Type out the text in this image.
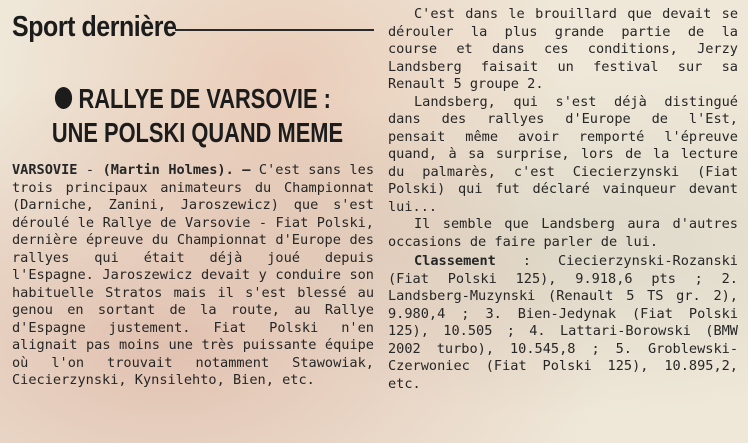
Sport dernière
RALLYE DE VARSOVIE :
UNE POLSKI QUAND MEME

VARSOVIE - (Martin Holmes). — C'est sans les trois principaux animateurs du Championnat (Darniche, Zanini, Jaroszewicz) que s'est déroulé le Rallye de Varsovie - Fiat Polski, dernière épreuve du Championnat d'Europe des rallyes qui était déjà joué depuis l'Espagne. Jaroszewicz devait y conduire son habituelle Stratos mais il s'est blessé au genou en sortant de la route, au Rallye d'Espagne justement. Fiat Polski n'en alignait pas moins une très puissante équipe où l'on trouvait notamment Stawowiak, Ciecierzynski, Kynsilehto, Bien, etc.

C'est dans le brouillard que devait se dérouler la plus grande partie de la course et dans ces conditions, Jerzy Landsberg faisait un festival sur sa Renault 5 groupe 2.

Landsberg, qui s'est déjà distingué dans des rallyes d'Europe de l'Est, pensait même avoir remporté l'épreuve quand, à sa surprise, lors de la lecture du palmarès, c'est Ciecierzynski (Fiat Polski) qui fut déclaré vainqueur devant lui...

Il semble que Landsberg aura d'autres occasions de faire parler de lui.

Classement : Ciecierzynski-Rozanski (Fiat Polski 125), 9.918,6 pts ; 2. Landsberg-Muzynski (Renault 5 TS gr. 2), 9.980,4 ; 3. Bien-Jedynak (Fiat Polski 125), 10.505 ; 4. Lattari-Borowski (BMW 2002 turbo), 10.545,8 ; 5. Groblewski-Czerwoniec (Fiat Polski 125), 10.895,2, etc.
